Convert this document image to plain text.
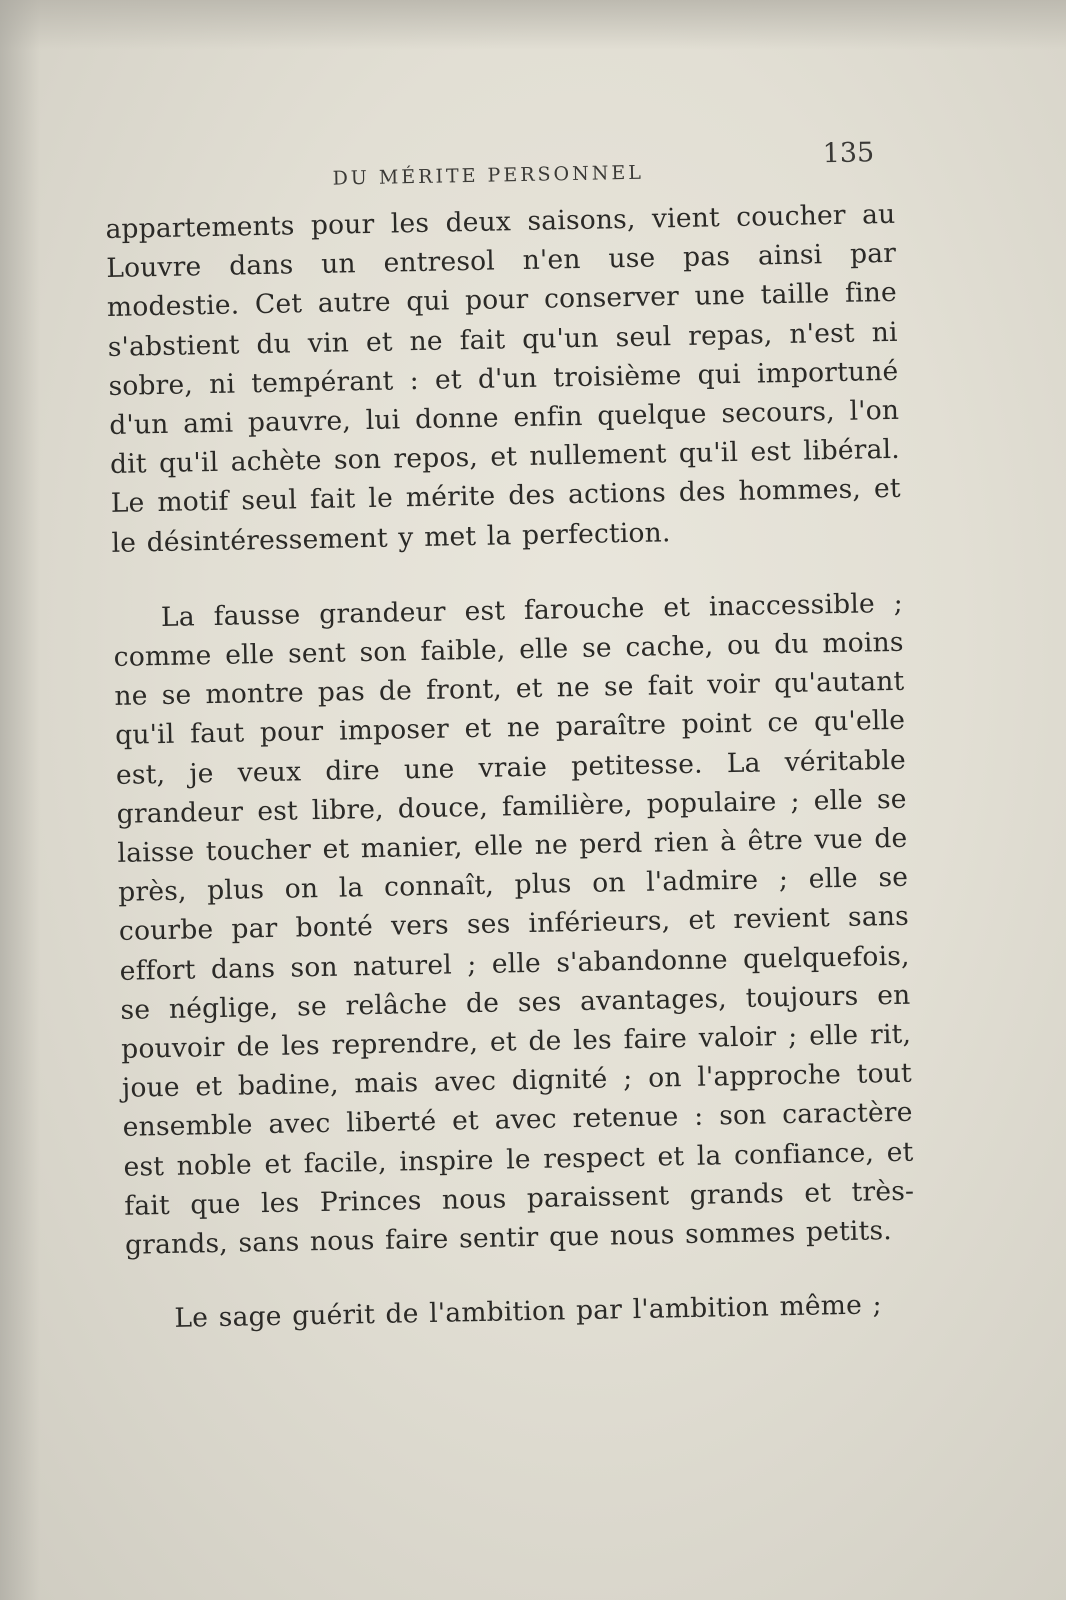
DU MÉRITE PERSONNEL
135

appartements pour les deux saisons, vient coucher au Louvre dans un entresol n'en use pas ainsi par modestie. Cet autre qui pour conserver une taille fine s'abstient du vin et ne fait qu'un seul repas, n'est ni sobre, ni tempérant : et d'un troisième qui importuné d'un ami pauvre, lui donne enfin quelque secours, l'on dit qu'il achète son repos, et nullement qu'il est libéral. Le motif seul fait le mérite des actions des hommes, et le désintéressement y met la perfection.

La fausse grandeur est farouche et inaccessible ; comme elle sent son faible, elle se cache, ou du moins ne se montre pas de front, et ne se fait voir qu'autant qu'il faut pour imposer et ne paraître point ce qu'elle est, je veux dire une vraie petitesse. La véritable grandeur est libre, douce, familière, populaire ; elle se laisse toucher et manier, elle ne perd rien à être vue de près, plus on la connaît, plus on l'admire ; elle se courbe par bonté vers ses inférieurs, et revient sans effort dans son naturel ; elle s'abandonne quelquefois, se néglige, se relâche de ses avantages, toujours en pouvoir de les reprendre, et de les faire valoir ; elle rit, joue et badine, mais avec dignité ; on l'approche tout ensemble avec liberté et avec retenue : son caractère est noble et facile, inspire le respect et la confiance, et fait que les Princes nous paraissent grands et très-grands, sans nous faire sentir que nous sommes petits.

Le sage guérit de l'ambition par l'ambition même ;
